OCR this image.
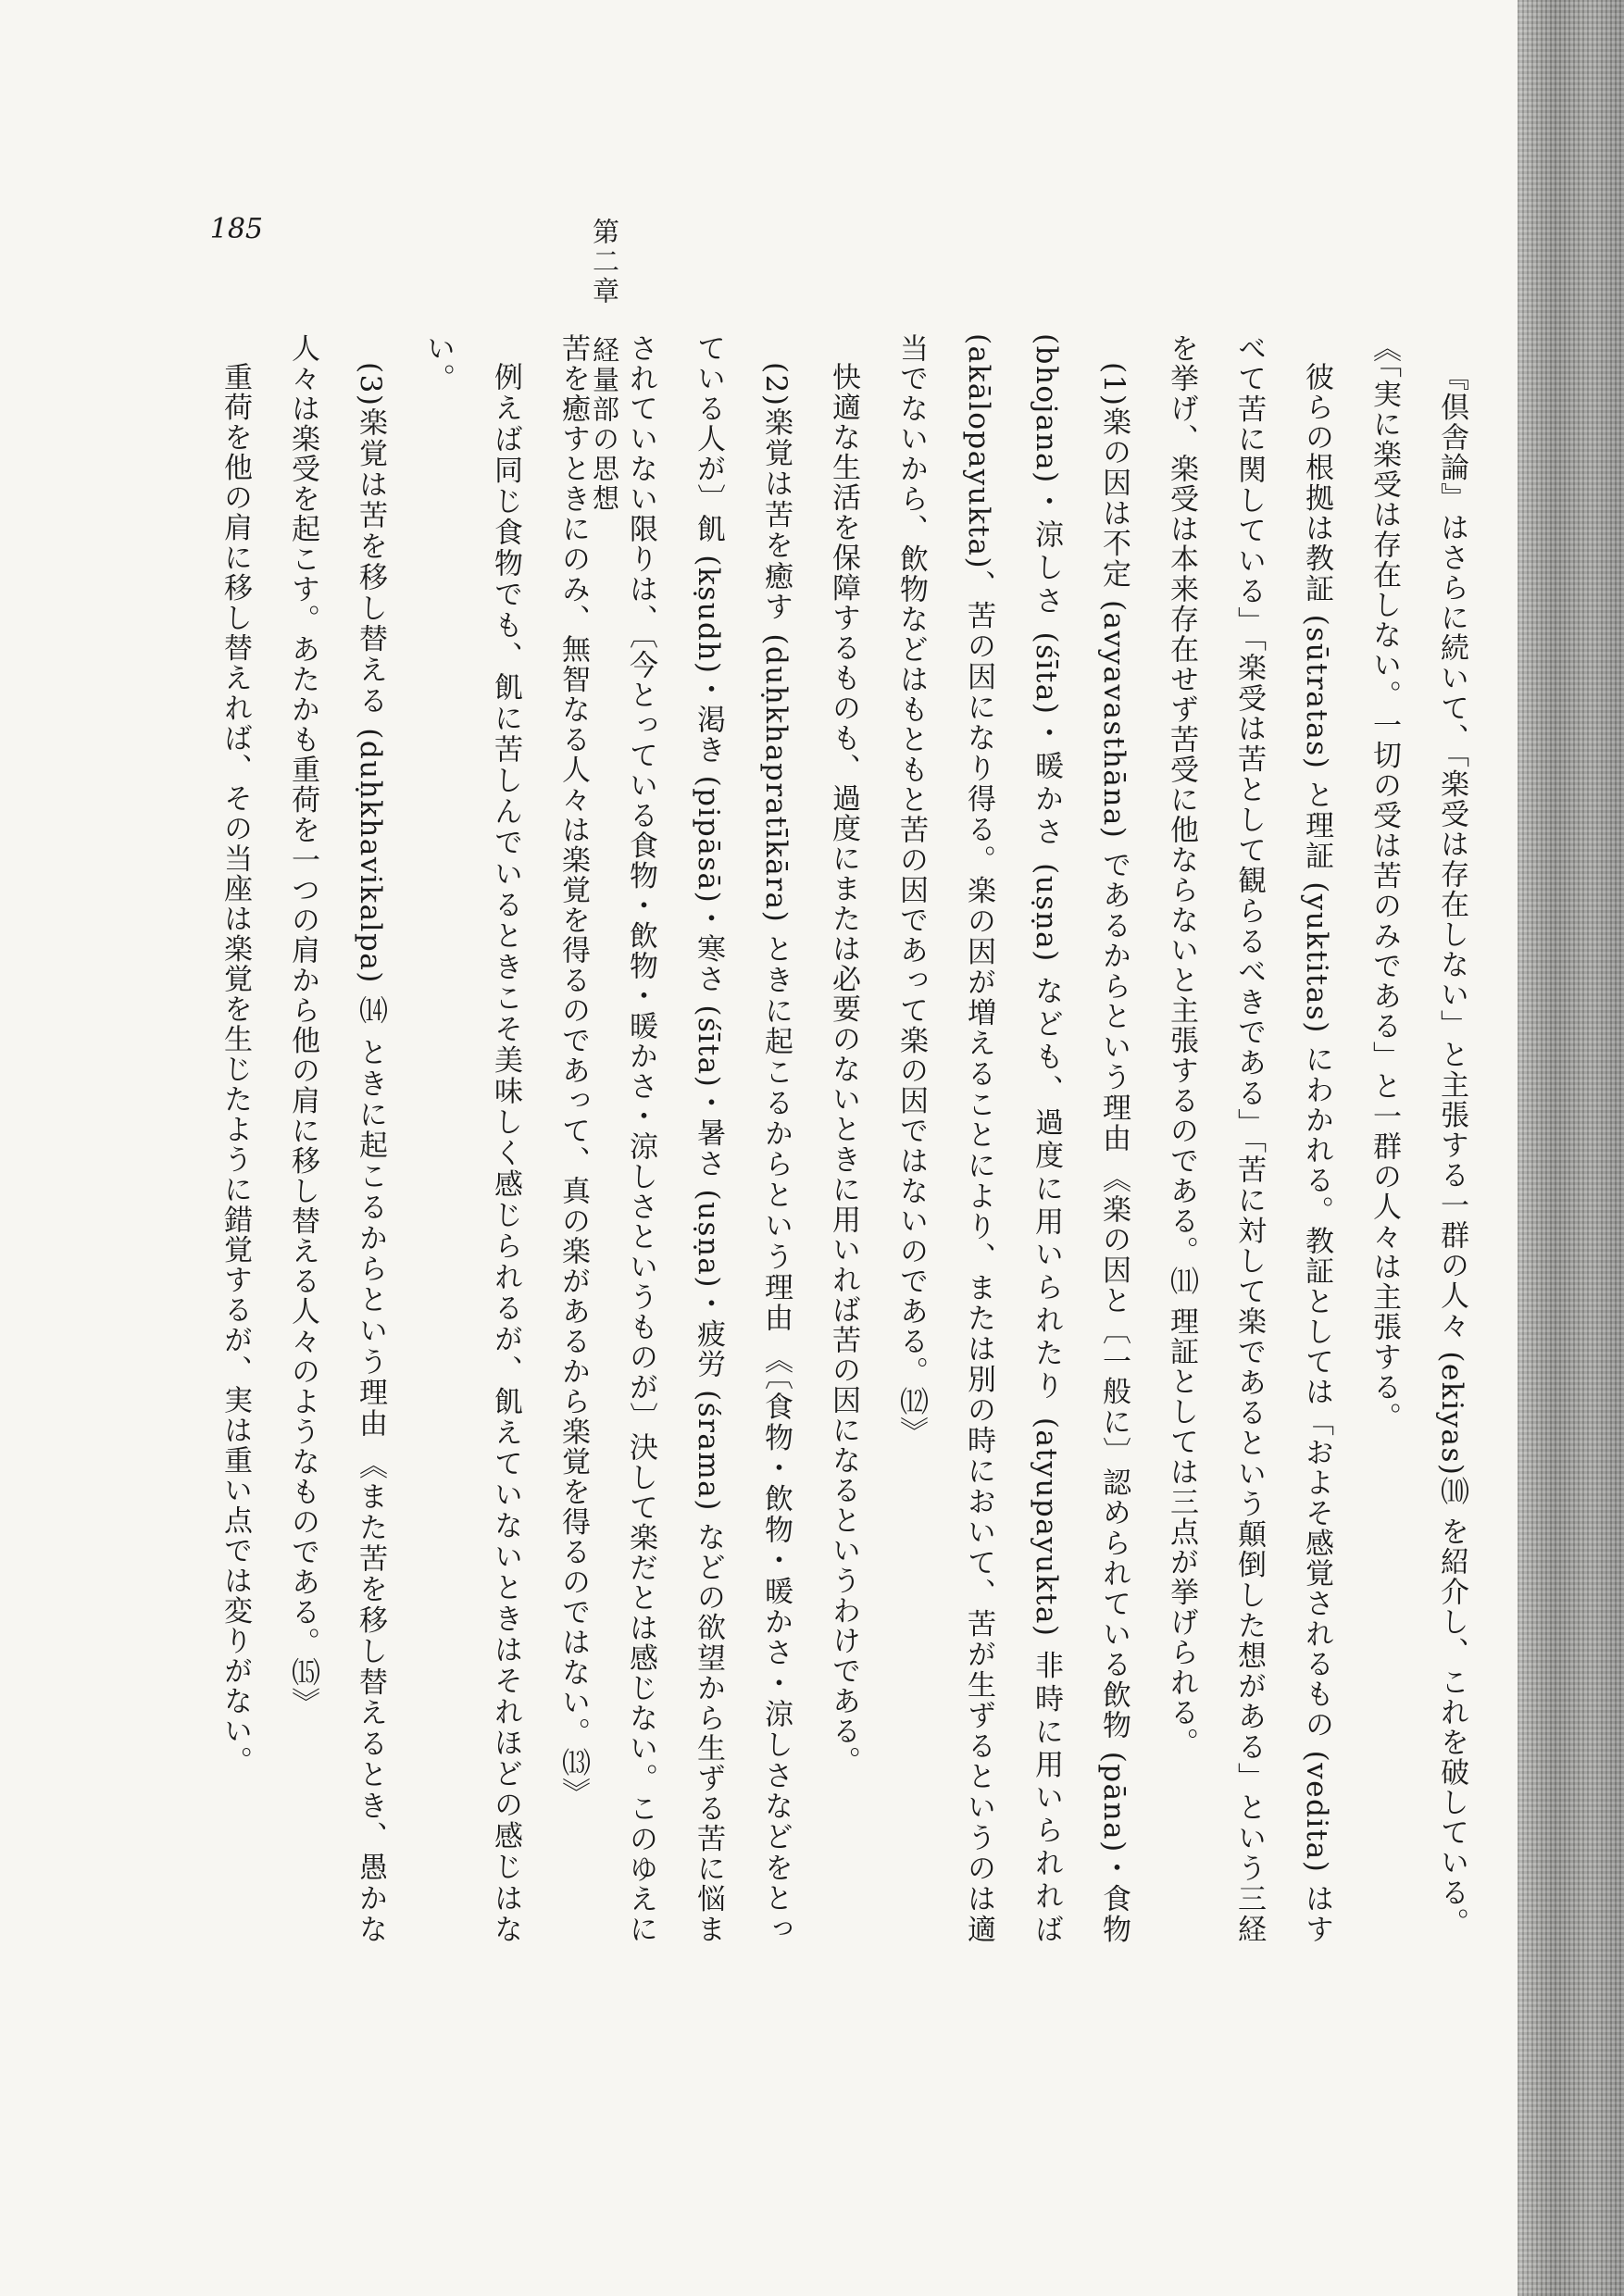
185	第二章　経量部の思想	『倶舎論』はさらに続いて、「楽受は存在しない」と主張する一群の人々 (ekiyas)⑽ を紹介し、これを破している。

《「実に楽受は存在しない。一切の受は苦のみである」と一群の人々は主張する。

彼らの根拠は教証 (sūtratas) と理証 (yuktitas) にわかれる。教証としては「およそ感覚されるもの (vedita) はすべて苦に関している」「楽受は苦として観らるべきである」「苦に対して楽であるという顛倒した想がある」という三経を挙げ、楽受は本来存在せず苦受に他ならないと主張するのである。⑾ 理証としては三点が挙げられる。

(1)楽の因は不定 (avyavasthāna) であるからという理由 《楽の因と〔一般に〕認められている飲物 (pāna)・食物 (bhojana)・涼しさ (śīta)・暖かさ (uṣṇa) なども、過度に用いられたり (atyupayukta) 非時に用いられれば (akālopayukta)、苦の因になり得る。楽の因が増えることにより、または別の時において、苦が生ずるというのは適当でないから、飲物などはもともと苦の因であって楽の因ではないのである。⑿》

快適な生活を保障するものも、過度にまたは必要のないときに用いれば苦の因になるというわけである。

(2)楽覚は苦を癒す (duḥkhapratīkāra) ときに起こるからという理由 《〔食物・飲物・暖かさ・涼しさなどをとっている人が〕飢 (kṣudh)・渇き (pipāsā)・寒さ (śīta)・暑さ (uṣṇa)・疲労 (śrama) などの欲望から生ずる苦に悩まされていない限りは、〔今とっている食物・飲物・暖かさ・涼しさというものが〕決して楽だとは感じない。このゆえに苦を癒すときにのみ、無智なる人々は楽覚を得るのであって、真の楽があるから楽覚を得るのではない。⒀》

例えば同じ食物でも、飢に苦しんでいるときこそ美味しく感じられるが、飢えていないときはそれほどの感じはない。

(3)楽覚は苦を移し替える (duḥkhavikalpa) ⒁ ときに起こるからという理由 《また苦を移し替えるとき、愚かな人々は楽受を起こす。あたかも重荷を一つの肩から他の肩に移し替える人々のようなものである。⒂》

重荷を他の肩に移し替えれば、その当座は楽覚を生じたように錯覚するが、実は重い点では変りがない。
